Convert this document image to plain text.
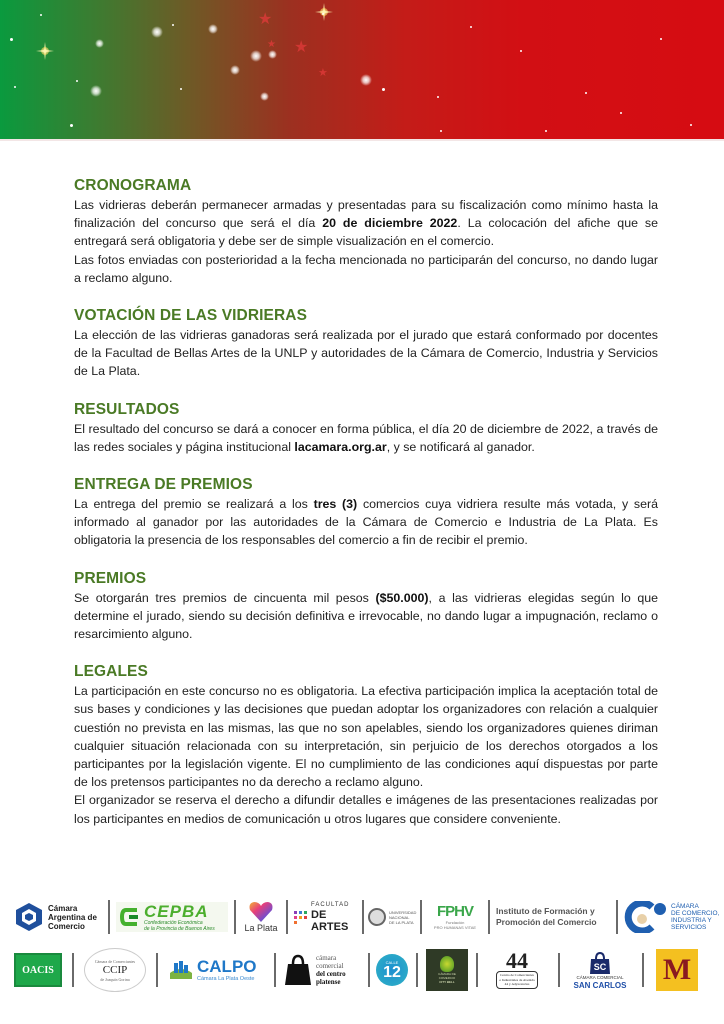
★
★
★
★
CRONOGRAMA

Las vidrieras deberán permanecer armadas y presentadas para su fiscalización como mínimo hasta la finalización del concurso que será el día 20 de diciembre 2022. La colocación del afiche que se entregará será obligatoria y debe ser de simple visualización en el comercio.

Las fotos enviadas con posterioridad a la fecha mencionada no participarán del concurso, no dando lugar a reclamo alguno.

VOTACIÓN DE LAS VIDRIERAS

La elección de las vidrieras ganadoras será realizada por el jurado que estará conformado por docentes de la Facultad de Bellas Artes de la UNLP y autoridades de la Cámara de Comercio, Industria y Servicios de La Plata.

RESULTADOS

El resultado del concurso se dará a conocer en forma pública, el día 20 de diciembre de 2022, a través de las redes sociales y página institucional lacamara.org.ar, y se notificará al ganador.

ENTREGA DE PREMIOS

La entrega del premio se realizará a los tres (3) comercios cuya vidriera resulte más votada, y será informado al ganador por las autoridades de la Cámara de Comercio e Industria de La Plata. Es obligatoria la presencia de los responsables del comercio a fin de recibir el premio.

PREMIOS

Se otorgarán tres premios de cincuenta mil pesos ($50.000), a las vidrieras elegidas según lo que determine el jurado, siendo su decisión definitiva e irrevocable, no dando lugar a impugnación, reclamo o resarcimiento alguno.

LEGALES

La participación en este concurso no es obligatoria. La efectiva participación implica la aceptación total de sus bases y condiciones y las decisiones que puedan adoptar los organizadores con relación a cualquier cuestión no prevista en las mismas, las que no son apelables, siendo los organizadores quienes diriman cualquier situación relacionada con su interpretación, sin perjuicio de los derechos otorgados a los participantes por la legislación vigente. El no cumplimiento de las condiciones aquí dispuestas por parte de los pretensos participantes no da derecho a reclamo alguno.

El organizador se reserva el derecho a difundir detalles e imágenes de las presentaciones realizadas por los participantes en medios de comunicación u otros lugares que considere conveniente.

Cámara
Argentina de
Comercio
CEPBA
Confederación Económica
de la Provincia de Buenos Aires	La Plata
FACULTAD
DE ARTES
UNIVERSIDAD
NACIONAL
DE LA PLATA
FPHV
Fundación
PRO HUMANAS VITAE
Instituto de Formación y
Promoción del Comercio
CÁMARA
DE COMERCIO,
INDUSTRIA Y
SERVICIOS
OACIS
Cámara de Comerciantes
CCIP
de Joaquín Gorina
CALPO
Cámara La Plata Oeste
cámara
comercial
del centro
platense
CALLE
12	CÁMARA DE
COMERCIO
CITY BELL
44
Centro de Comerciantes
e Industriales de Avenida
44 y Adyacencias
SC
CÁMARA COMERCIAL
SAN CARLOS M
